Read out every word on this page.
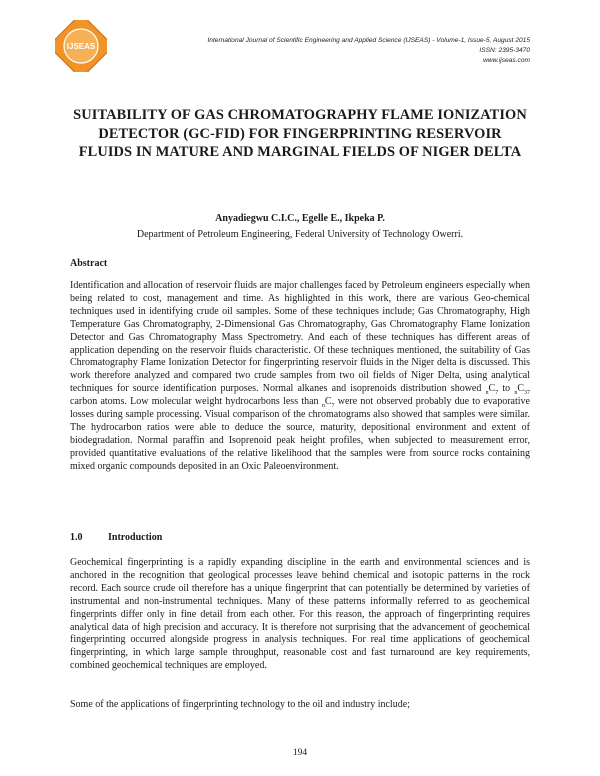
IJSEAS
International Journal of Scientific Engineering and Applied Science (IJSEAS) - Volume-1, Issue-5, August 2015
ISSN: 2395-3470
www.ijseas.com
SUITABILITY OF GAS CHROMATOGRAPHY FLAME IONIZATION DETECTOR (GC-FID) FOR FINGERPRINTING RESERVOIR FLUIDS IN MATURE AND MARGINAL FIELDS OF NIGER DELTA
Anyadiegwu C.I.C., Egelle E., Ikpeka P.
Department of Petroleum Engineering, Federal University of Technology Owerri.
Abstract

Identification and allocation of reservoir fluids are major challenges faced by Petroleum engineers especially when being related to cost, management and time. As highlighted in this work, there are various Geo-chemical techniques used in identifying crude oil samples. Some of these techniques include; Gas Chromatography, High Temperature Gas Chromatography, 2-Dimensional Gas Chromatography, Gas Chromatography Flame Ionization Detector and Gas Chromatography Mass Spectrometry. And each of these techniques has different areas of application depending on the reservoir fluids characteristic. Of these techniques mentioned, the suitability of Gas Chromatography Flame Ionization Detector for fingerprinting reservoir fluids in the Niger delta is discussed. This work therefore analyzed and compared two crude samples from two oil fields of Niger Delta, using analytical techniques for source identification purposes. Normal alkanes and isoprenoids distribution showed $_nC_7$ to $_nC_{37}$ carbon atoms. Low molecular weight hydrocarbons less than $_nC_7$ were not observed probably due to evaporative losses during sample processing. Visual comparison of the chromatograms also showed that samples were similar. The hydrocarbon ratios were able to deduce the source, maturity, depositional environment and extent of biodegradation. Normal paraffin and Isoprenoid peak height profiles, when subjected to measurement error, provided quantitative evaluations of the relative likelihood that the samples were from source rocks containing mixed organic compounds deposited in an Oxic Paleoenvironment.

1.0	Introduction

Geochemical fingerprinting is a rapidly expanding discipline in the earth and environmental sciences and is anchored in the recognition that geological processes leave behind chemical and isotopic patterns in the rock record. Each source crude oil therefore has a unique fingerprint that can potentially be determined by varieties of instrumental and non-instrumental techniques. Many of these patterns informally referred to as geochemical fingerprints differ only in fine detail from each other. For this reason, the approach of fingerprinting requires analytical data of high precision and accuracy. It is therefore not surprising that the advancement of geochemical fingerprinting occurred alongside progress in analysis techniques. For real time applications of geochemical fingerprinting, in which large sample throughput, reasonable cost and fast turnaround are key requirements, combined geochemical techniques are employed.

Some of the applications of fingerprinting technology to the oil and industry include;

194
